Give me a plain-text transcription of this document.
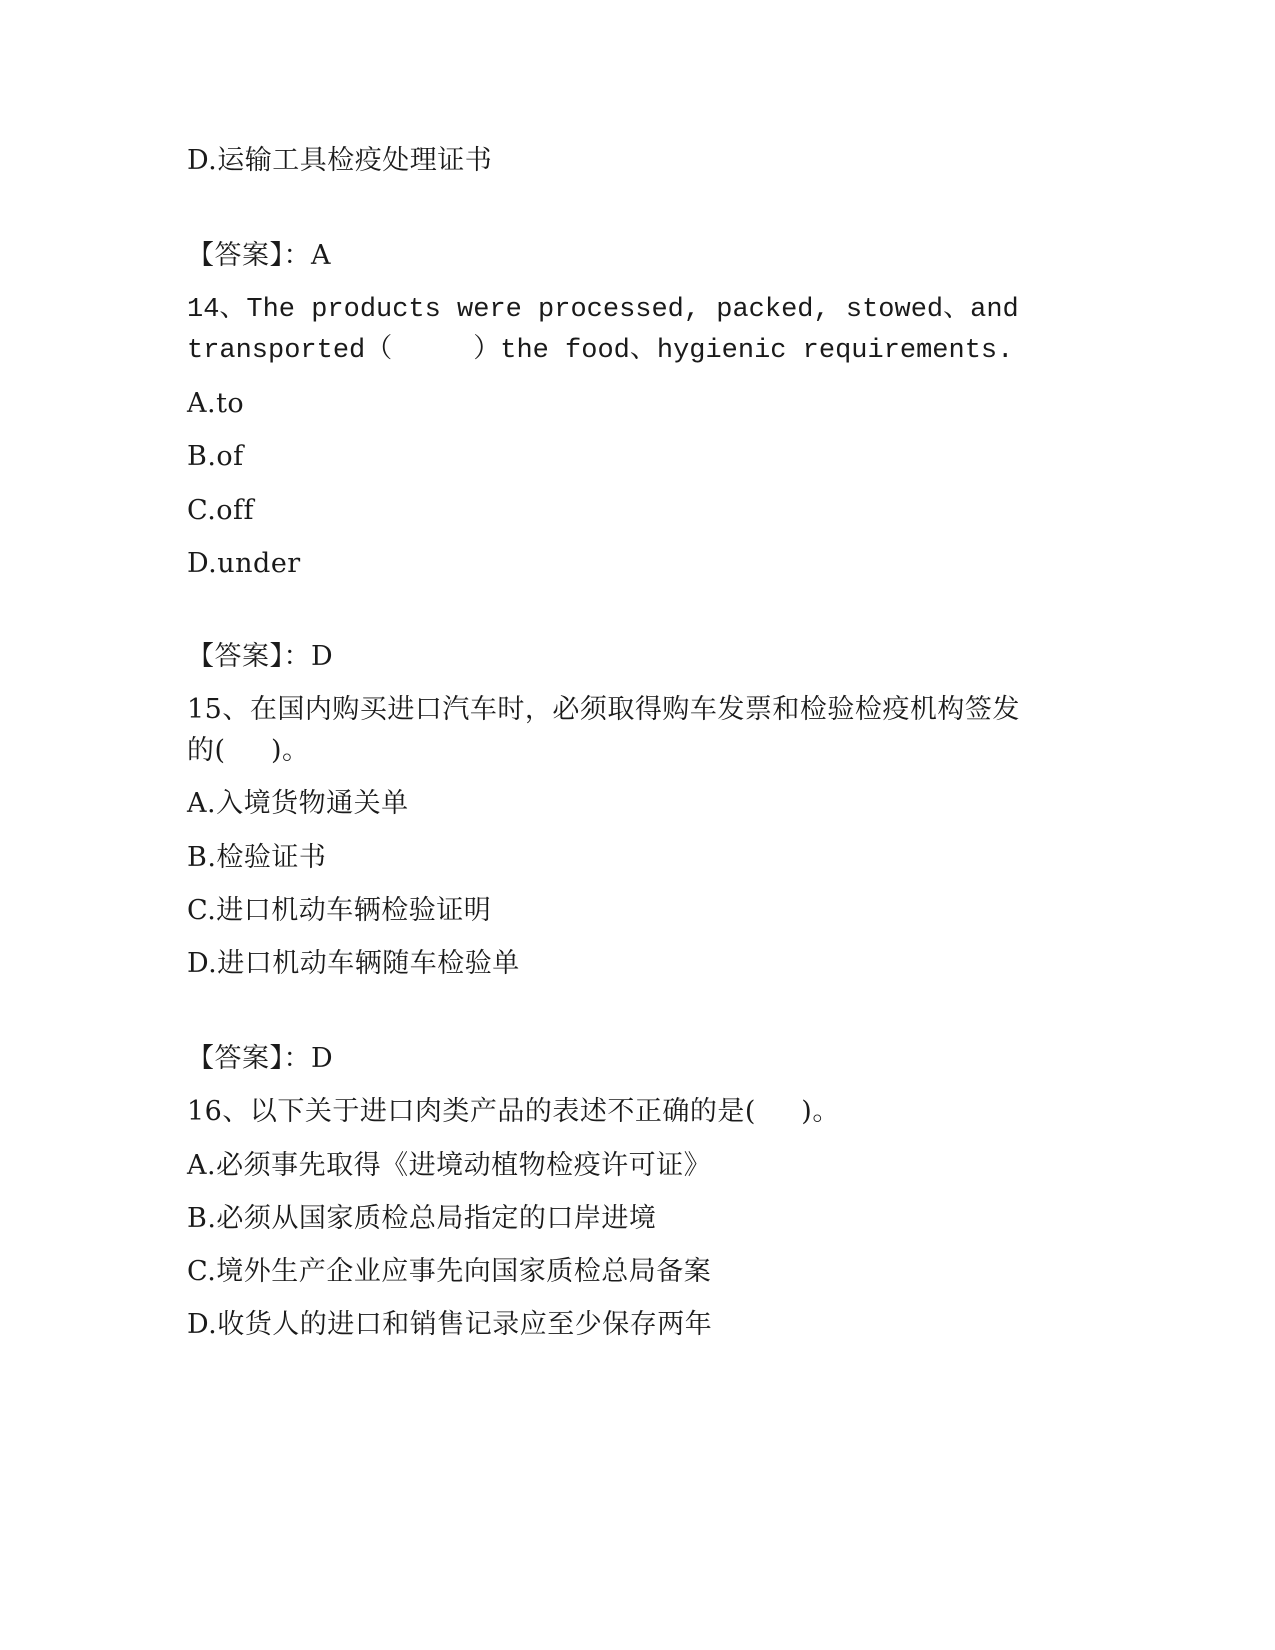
D.运输工具检疫处理证书
【答案】：A
14、The products were processed, packed, stowed、and
transported（     ）the food、hygienic requirements.
A.to
B.of
C.off
D.under
【答案】：D
15、在国内购买进口汽车时，必须取得购车发票和检验检疫机构签发
的(     )。
A.入境货物通关单
B.检验证书
C.进口机动车辆检验证明
D.进口机动车辆随车检验单
【答案】：D
16、以下关于进口肉类产品的表述不正确的是(     )。
A.必须事先取得《进境动植物检疫许可证》
B.必须从国家质检总局指定的口岸进境
C.境外生产企业应事先向国家质检总局备案
D.收货人的进口和销售记录应至少保存两年
